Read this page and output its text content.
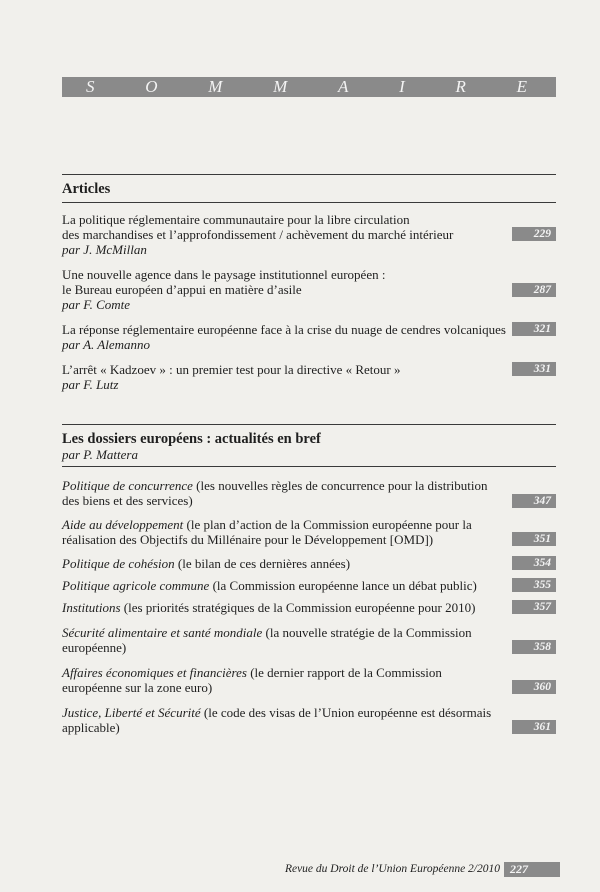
S	O	M	M	A	I	R	E
Articles
La politique réglementaire communautaire pour la libre circulation
des marchandises et l’approfondissement / achèvement du marché intérieur
par J. McMillan
229
Une nouvelle agence dans le paysage institutionnel européen :
le Bureau européen d’appui en matière d’asile
par F. Comte
287
La réponse réglementaire européenne face à la crise du nuage de cendres volcaniques
par A. Alemanno
321
L’arrêt « Kadzoev » : un premier test pour la directive « Retour »
par F. Lutz
331
Les dossiers européens : actualités en bref
par P. Mattera
Politique de concurrence (les nouvelles règles de concurrence pour la distribution des biens et des services)	347
Aide au développement (le plan d’action de la Commission européenne pour la réalisation des Objectifs du Millénaire pour le Développement [OMD])	351
Politique de cohésion (le bilan de ces dernières années)	354
Politique agricole commune (la Commission européenne lance un débat public)	355
Institutions (les priorités stratégiques de la Commission européenne pour 2010)	357
Sécurité alimentaire et santé mondiale (la nouvelle stratégie de la Commission européenne)	358
Affaires économiques et financières (le dernier rapport de la Commission européenne sur la zone euro)	360
Justice, Liberté et Sécurité (le code des visas de l’Union européenne est désormais applicable)	361
Revue du Droit de l’Union Européenne 2/2010 227
